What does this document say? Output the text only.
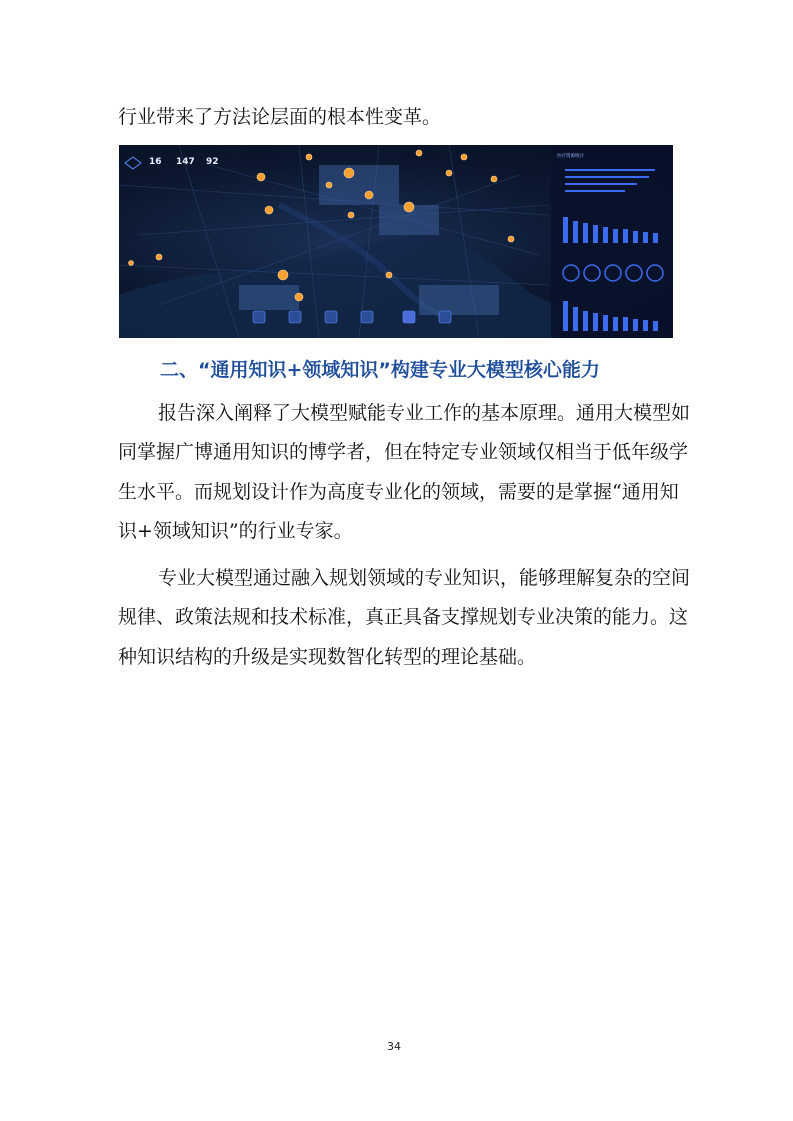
行业带来了方法论层面的根本性变革。
16 147 92
医疗资源统计
二、“通用知识+领域知识”构建专业大模型核心能力
报告深入阐释了大模型赋能专业工作的基本原理。通用大模型如
同掌握广博通用知识的博学者，但在特定专业领域仅相当于低年级学
生水平。而规划设计作为高度专业化的领域，需要的是掌握“通用知
识+领域知识”的行业专家。
专业大模型通过融入规划领域的专业知识，能够理解复杂的空间
规律、政策法规和技术标准，真正具备支撑规划专业决策的能力。这
种知识结构的升级是实现数智化转型的理论基础。
34
